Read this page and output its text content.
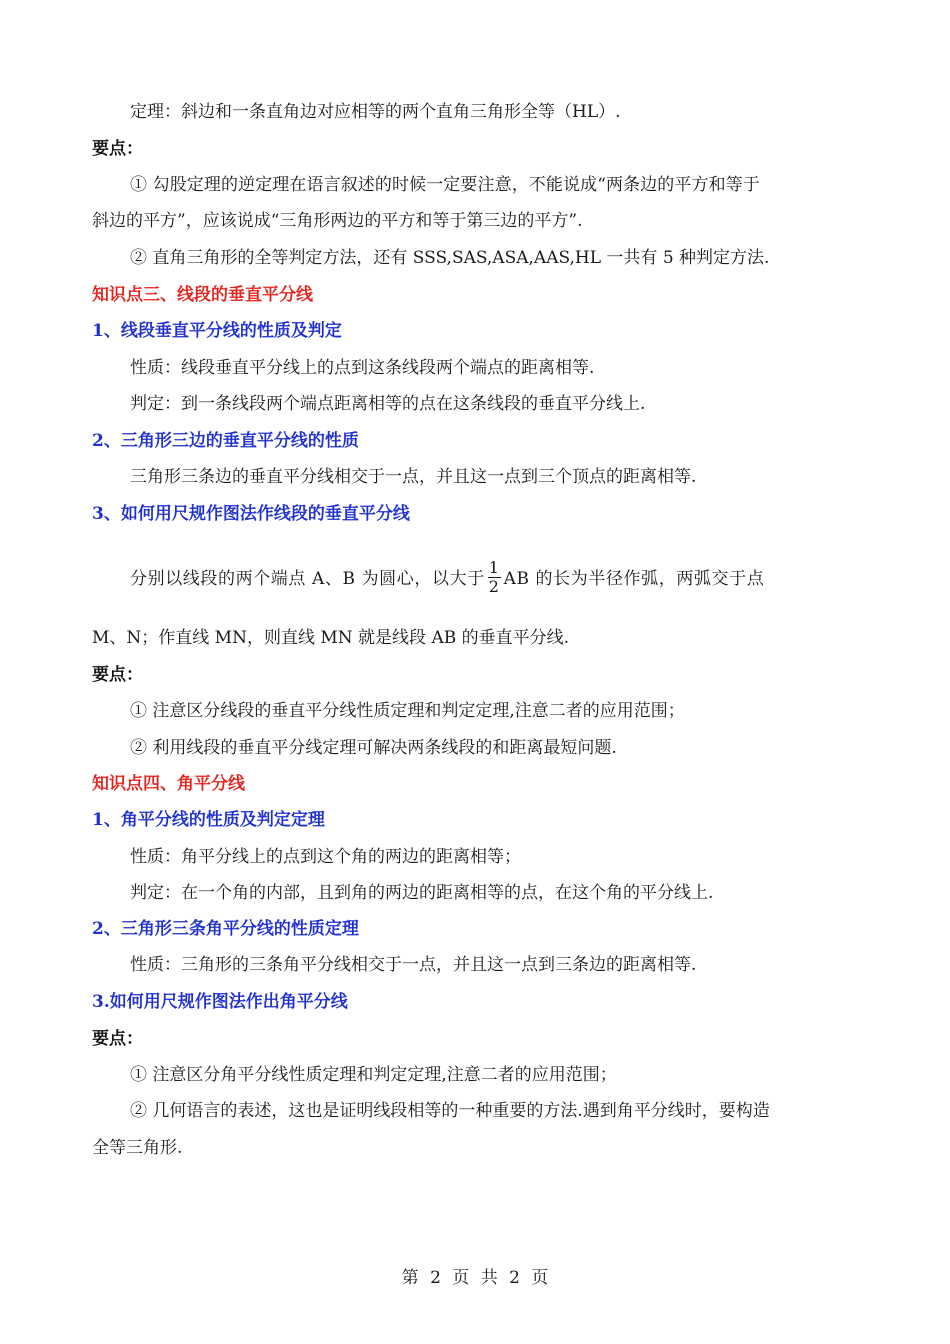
定理：斜边和一条直角边对应相等的两个直角三角形全等（HL）.
要点：
① 勾股定理的逆定理在语言叙述的时候一定要注意，不能说成“两条边的平方和等于
斜边的平方”，应该说成“三角形两边的平方和等于第三边的平方”.
② 直角三角形的全等判定方法，还有 SSS,SAS,ASA,AAS,HL 一共有 5 种判定方法.
知识点三、线段的垂直平分线
1、线段垂直平分线的性质及判定
性质：线段垂直平分线上的点到这条线段两个端点的距离相等.
判定：到一条线段两个端点距离相等的点在这条线段的垂直平分线上.
2、三角形三边的垂直平分线的性质
三角形三条边的垂直平分线相交于一点，并且这一点到三个顶点的距离相等.
3、如何用尺规作图法作线段的垂直平分线
分别以线段的两个端点 A、B 为圆心，以大于 $\frac{1}{2}$ AB 的长为半径作弧，两弧交于点
M、N；作直线 MN，则直线 MN 就是线段 AB 的垂直平分线.
要点：
① 注意区分线段的垂直平分线性质定理和判定定理,注意二者的应用范围；
② 利用线段的垂直平分线定理可解决两条线段的和距离最短问题.
知识点四、角平分线
1、角平分线的性质及判定定理
性质：角平分线上的点到这个角的两边的距离相等；
判定：在一个角的内部，且到角的两边的距离相等的点，在这个角的平分线上.
2、三角形三条角平分线的性质定理
性质：三角形的三条角平分线相交于一点，并且这一点到三条边的距离相等.
3.如何用尺规作图法作出角平分线
要点：
① 注意区分角平分线性质定理和判定定理,注意二者的应用范围；
② 几何语言的表述，这也是证明线段相等的一种重要的方法.遇到角平分线时，要构造
全等三角形.
第 2 页 共 2 页
